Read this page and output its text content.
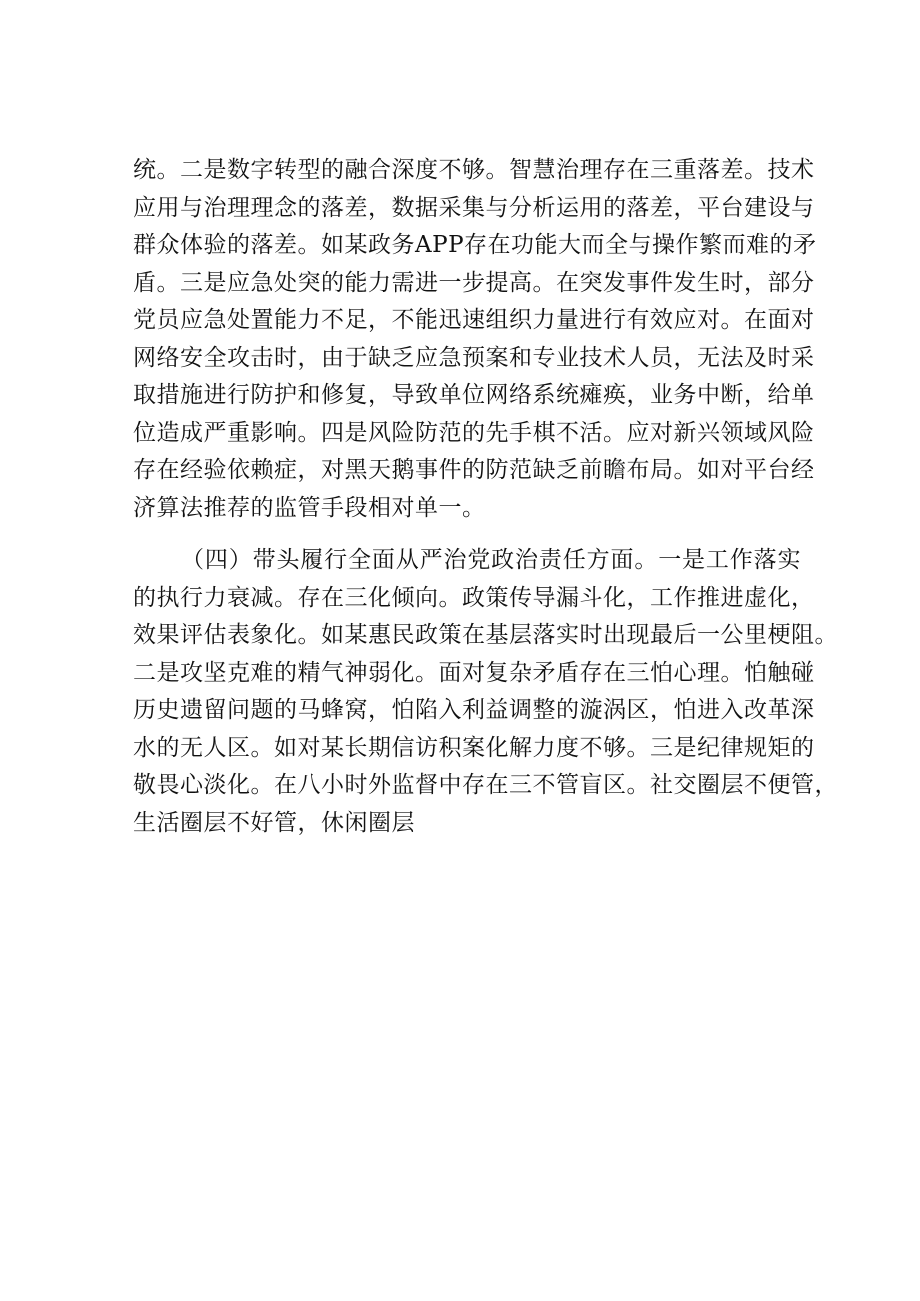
统。二是数字转型的融合深度不够。智慧治理存在三重落差。技术
应用与治理理念的落差，数据采集与分析运用的落差，平台建设与
群众体验的落差。如某政务APP存在功能大而全与操作繁而难的矛
盾。三是应急处突的能力需进一步提高。在突发事件发生时，部分
党员应急处置能力不足，不能迅速组织力量进行有效应对。在面对
网络安全攻击时，由于缺乏应急预案和专业技术人员，无法及时采
取措施进行防护和修复，导致单位网络系统瘫痪，业务中断，给单
位造成严重影响。四是风险防范的先手棋不活。应对新兴领域风险
存在经验依赖症，对黑天鹅事件的防范缺乏前瞻布局。如对平台经
济算法推荐的监管手段相对单一。
（四）带头履行全面从严治党政治责任方面。一是工作落实
的执行力衰减。存在三化倾向。政策传导漏斗化，工作推进虚化，
效果评估表象化。如某惠民政策在基层落实时出现最后一公里梗阻。
二是攻坚克难的精气神弱化。面对复杂矛盾存在三怕心理。怕触碰
历史遗留问题的马蜂窝，怕陷入利益调整的漩涡区，怕进入改革深
水的无人区。如对某长期信访积案化解力度不够。三是纪律规矩的
敬畏心淡化。在八小时外监督中存在三不管盲区。社交圈层不便管，
生活圈层不好管，休闲圈层
